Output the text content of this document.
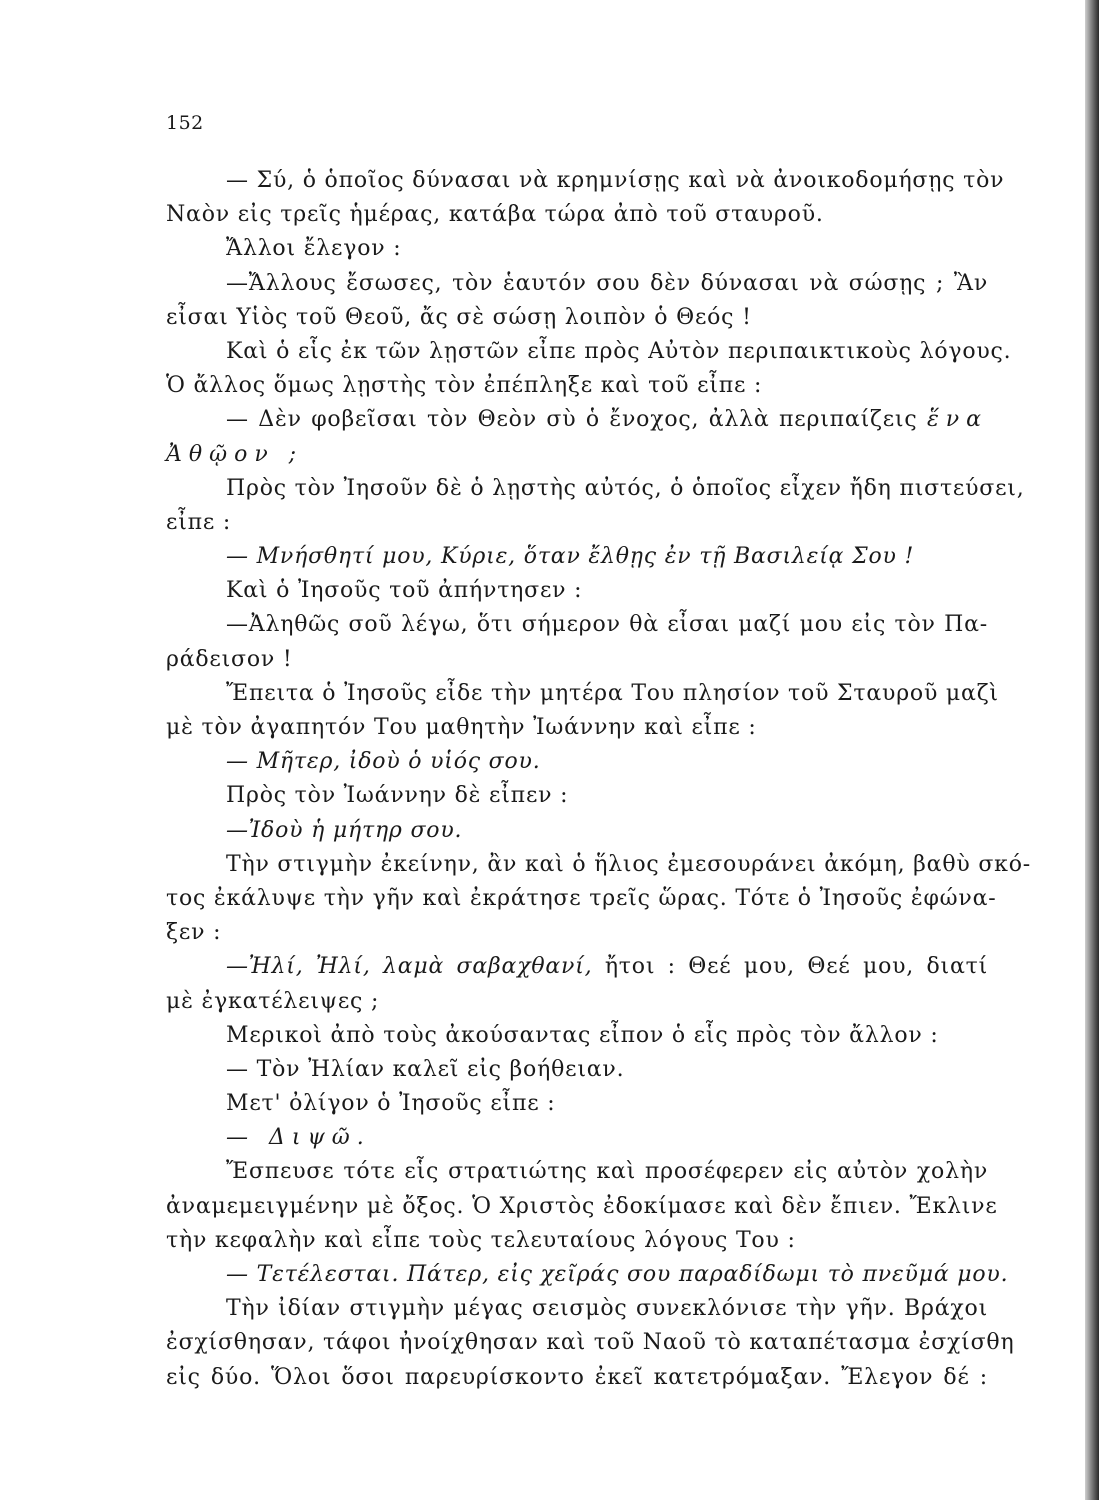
152
— Σύ, ὁ ὁποῖος δύνασαι νὰ κρημνίσῃς καὶ νὰ ἀνοικοδομήσῃς τὸν
Ναὸν εἰς τρεῖς ἡμέρας, κατάβα τώρα ἀπὸ τοῦ σταυροῦ.
Ἄλλοι ἔλεγον :
—Ἄλλους ἔσωσες, τὸν ἑαυτόν σου δὲν δύνασαι νὰ σώσῃς ; Ἂν
εἶσαι Υἱὸς τοῦ Θεοῦ, ἄς σὲ σώσῃ λοιπὸν ὁ Θεός !
Καὶ ὁ εἷς ἐκ τῶν λῃστῶν εἶπε πρὸς Αὐτὸν περιπαικτικοὺς λόγους.
Ὁ ἄλλος ὅμως λῃστὴς τὸν ἐπέπληξε καὶ τοῦ εἶπε :
— Δὲν φοβεῖσαι τὸν Θεὸν σὺ ὁ ἔνοχος, ἀλλὰ περιπαίζεις ἕνα
Ἀθῷον ;
Πρὸς τὸν Ἰησοῦν δὲ ὁ λῃστὴς αὐτός, ὁ ὁποῖος εἶχεν ἤδη πιστεύσει,
εἶπε :
— Μνήσθητί μου, Κύριε, ὅταν ἔλθῃς ἐν τῇ Βασιλείᾳ Σου !
Καὶ ὁ Ἰησοῦς τοῦ ἀπήντησεν :
—Ἀληθῶς σοῦ λέγω, ὅτι σήμερον θὰ εἶσαι μαζί μου εἰς τὸν Πα-
ράδεισον !
Ἔπειτα ὁ Ἰησοῦς εἶδε τὴν μητέρα Του πλησίον τοῦ Σταυροῦ μαζὶ
μὲ τὸν ἀγαπητόν Του μαθητὴν Ἰωάννην καὶ εἶπε :
— Μῆτερ, ἰδοὺ ὁ υἱός σου.
Πρὸς τὸν Ἰωάννην δὲ εἶπεν :
—Ἰδοὺ ἡ μήτηρ σου.
Τὴν στιγμὴν ἐκείνην, ἂν καὶ ὁ ἥλιος ἐμεσουράνει ἀκόμη, βαθὺ σκό-
τος ἐκάλυψε τὴν γῆν καὶ ἐκράτησε τρεῖς ὥρας. Τότε ὁ Ἰησοῦς ἐφώνα-
ξεν :
—Ἠλί, Ἠλί, λαμὰ σαβαχθανί, ἤτοι : Θεέ μου, Θεέ μου, διατί
μὲ ἐγκατέλειψες ;
Μερικοὶ ἀπὸ τοὺς ἀκούσαντας εἶπον ὁ εἷς πρὸς τὸν ἄλλον :
— Τὸν Ἠλίαν καλεῖ εἰς βοήθειαν.
Μετ' ὀλίγον ὁ Ἰησοῦς εἶπε :
— Διψῶ.
Ἔσπευσε τότε εἷς στρατιώτης καὶ προσέφερεν εἰς αὐτὸν χολὴν
ἀναμεμειγμένην μὲ ὄξος. Ὁ Χριστὸς ἐδοκίμασε καὶ δὲν ἔπιεν. Ἔκλινε
τὴν κεφαλὴν καὶ εἶπε τοὺς τελευταίους λόγους Του :
— Τετέλεσται. Πάτερ, εἰς χεῖράς σου παραδίδωμι τὸ πνεῦμά μου.
Τὴν ἰδίαν στιγμὴν μέγας σεισμὸς συνεκλόνισε τὴν γῆν. Βράχοι
ἐσχίσθησαν, τάφοι ἠνοίχθησαν καὶ τοῦ Ναοῦ τὸ καταπέτασμα ἐσχίσθη
εἰς δύο. Ὅλοι ὅσοι παρευρίσκοντο ἐκεῖ κατετρόμαξαν. Ἔλεγον δέ :
